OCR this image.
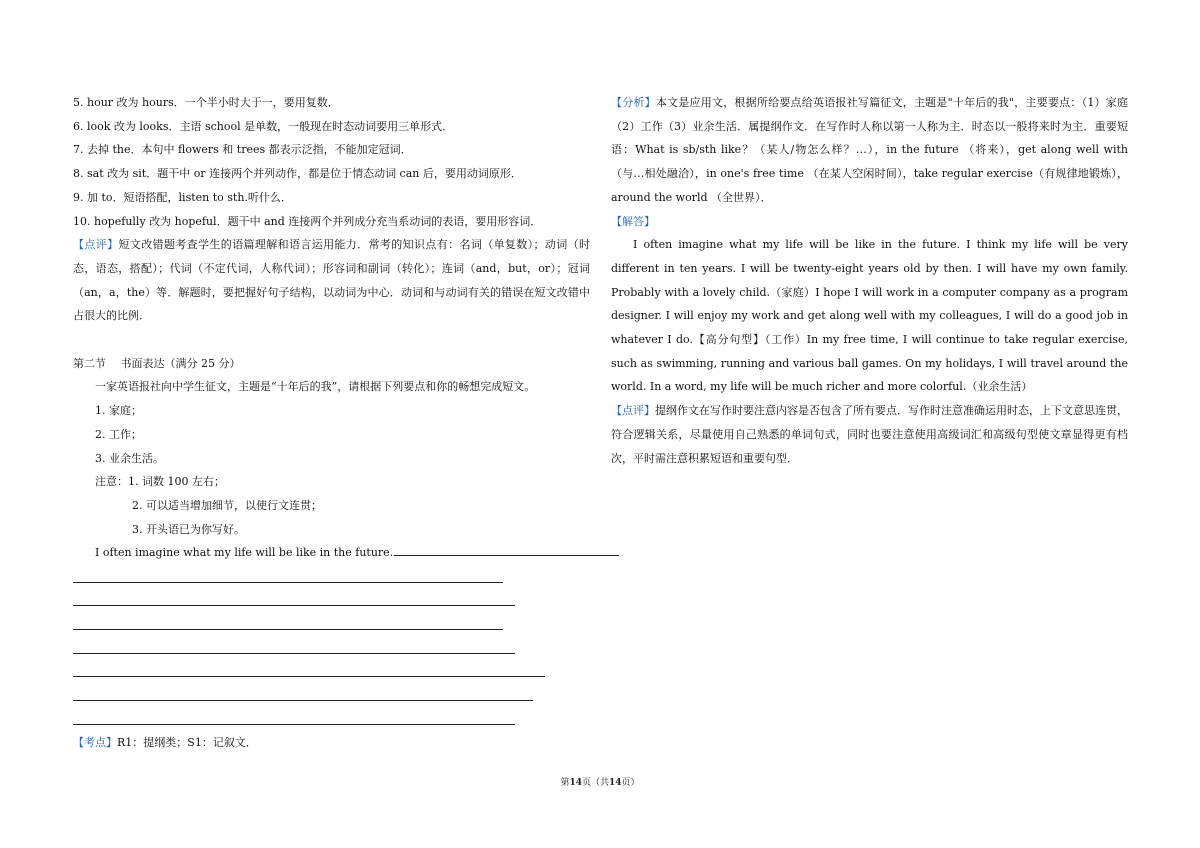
5. hour 改为 hours．一个半小时大于一，要用复数．
6. look 改为 looks．主语 school 是单数，一般现在时态动词要用三单形式．
7. 去掉 the．本句中 flowers 和 trees 都表示泛指，不能加定冠词．
8. sat 改为 sit．题干中 or 连接两个并列动作，都是位于情态动词 can 后，要用动词原形．
9. 加 to．短语搭配，listen to sth.听什么．
10. hopefully 改为 hopeful．题干中 and 连接两个并列成分充当系动词的表语，要用形容词．
【点评】短文改错题考查学生的语篇理解和语言运用能力．常考的知识点有：名词（单复数）；动词（时态，语态，搭配）；代词（不定代词，人称代词）；形容词和副词（转化）；连词（and，but，or）；冠词（an，a，the）等．解题时，要把握好句子结构，以动词为中心．动词和与动词有关的错误在短文改错中占很大的比例．
第二节　 书面表达（满分 25 分）
一家英语报社向中学生征文，主题是“十年后的我”，请根据下列要点和你的畅想完成短文。
1. 家庭；
2. 工作；
3. 业余生活。
注意：1. 词数 100 左右；
2. 可以适当增加细节，以使行文连贯；
3. 开头语已为你写好。
I often imagine what my life will be like in the future.
【考点】R1：提纲类；S1：记叙文．
【分析】本文是应用文，根据所给要点给英语报社写篇征文，主题是"十年后的我"，主要要点：（1）家庭（2）工作（3）业余生活．属提纲作文．在写作时人称以第一人称为主．时态以一般将来时为主．重要短语：What is sb/sth like？（某人/物怎么样？…），in the future （将来），get along well with（与…相处融洽），in one's free time （在某人空闲时间），take regular exercise（有规律地锻炼），around the world （全世界）．
【解答】
I often imagine what my life will be like in the future. I think my life will be very different in ten years. I will be twenty-eight years old by then. I will have my own family. Probably with a lovely child.（家庭）I hope I will work in a computer company as a program designer. I will enjoy my work and get along well with my colleagues, I will do a good job in whatever I do.【高分句型】（工作）In my free time, I will continue to take regular exercise, such as swimming, running and various ball games. On my holidays, I will travel around the world. In a word, my life will be much richer and more colorful.（业余生活）
【点评】提纲作文在写作时要注意内容是否包含了所有要点．写作时注意准确运用时态，上下文意思连贯，符合逻辑关系，尽量使用自己熟悉的单词句式，同时也要注意使用高级词汇和高级句型使文章显得更有档次，平时需注意积累短语和重要句型．
第14页（共14页）
